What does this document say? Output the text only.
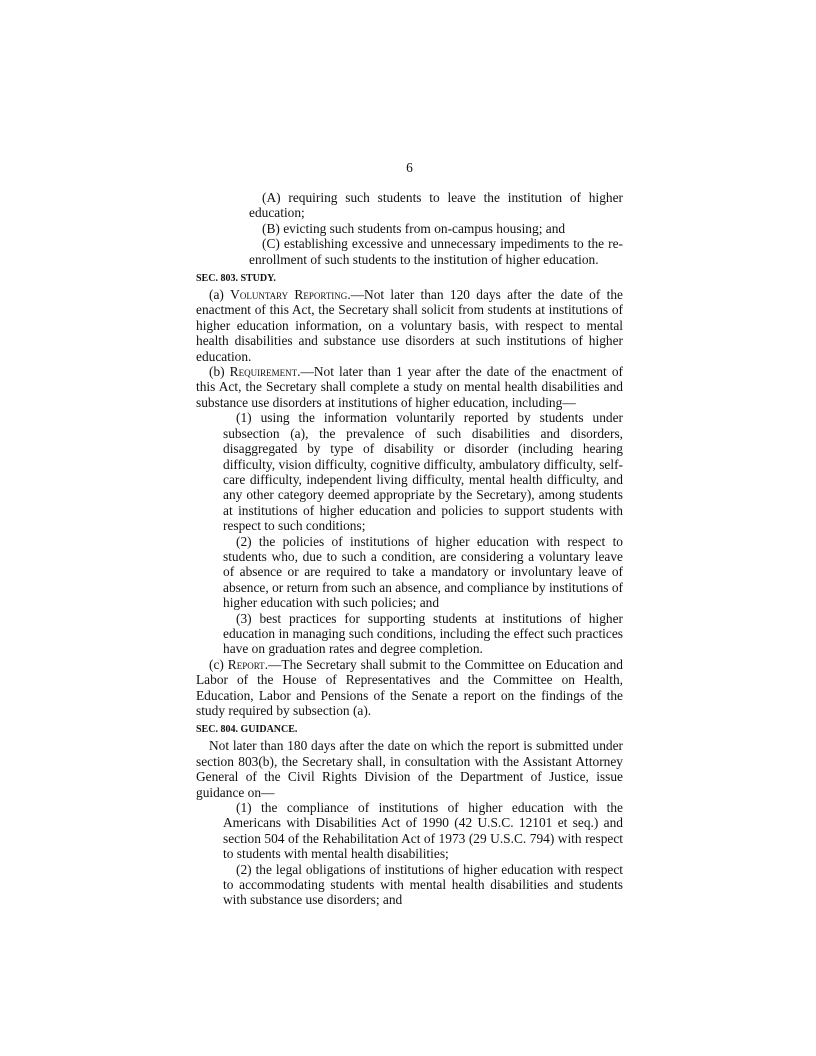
6

(A) requiring such students to leave the institution of higher education;

(B) evicting such students from on-campus housing; and

(C) establishing excessive and unnecessary impediments to the re-enrollment of such students to the institution of higher education.

SEC. 803. STUDY.

(a) Voluntary Reporting.—Not later than 120 days after the date of the enactment of this Act, the Secretary shall solicit from students at institutions of higher education information, on a voluntary basis, with respect to mental health disabilities and substance use disorders at such institutions of higher education.

(b) Requirement.—Not later than 1 year after the date of the enactment of this Act, the Secretary shall complete a study on mental health disabilities and substance use disorders at institutions of higher education, including—

(1) using the information voluntarily reported by students under subsection (a), the prevalence of such disabilities and disorders, disaggregated by type of disability or disorder (including hearing difficulty, vision difficulty, cognitive difficulty, ambulatory difficulty, self-care difficulty, independent living difficulty, mental health difficulty, and any other category deemed appropriate by the Secretary), among students at institutions of higher education and policies to support students with respect to such conditions;

(2) the policies of institutions of higher education with respect to students who, due to such a condition, are considering a voluntary leave of absence or are required to take a mandatory or involuntary leave of absence, or return from such an absence, and compliance by institutions of higher education with such policies; and

(3) best practices for supporting students at institutions of higher education in managing such conditions, including the effect such practices have on graduation rates and degree completion.

(c) Report.—The Secretary shall submit to the Committee on Education and Labor of the House of Representatives and the Committee on Health, Education, Labor and Pensions of the Senate a report on the findings of the study required by subsection (a).

SEC. 804. GUIDANCE.

Not later than 180 days after the date on which the report is submitted under section 803(b), the Secretary shall, in consultation with the Assistant Attorney General of the Civil Rights Division of the Department of Justice, issue guidance on—

(1) the compliance of institutions of higher education with the Americans with Disabilities Act of 1990 (42 U.S.C. 12101 et seq.) and section 504 of the Rehabilitation Act of 1973 (29 U.S.C. 794) with respect to students with mental health disabilities;

(2) the legal obligations of institutions of higher education with respect to accommodating students with mental health disabilities and students with substance use disorders; and
